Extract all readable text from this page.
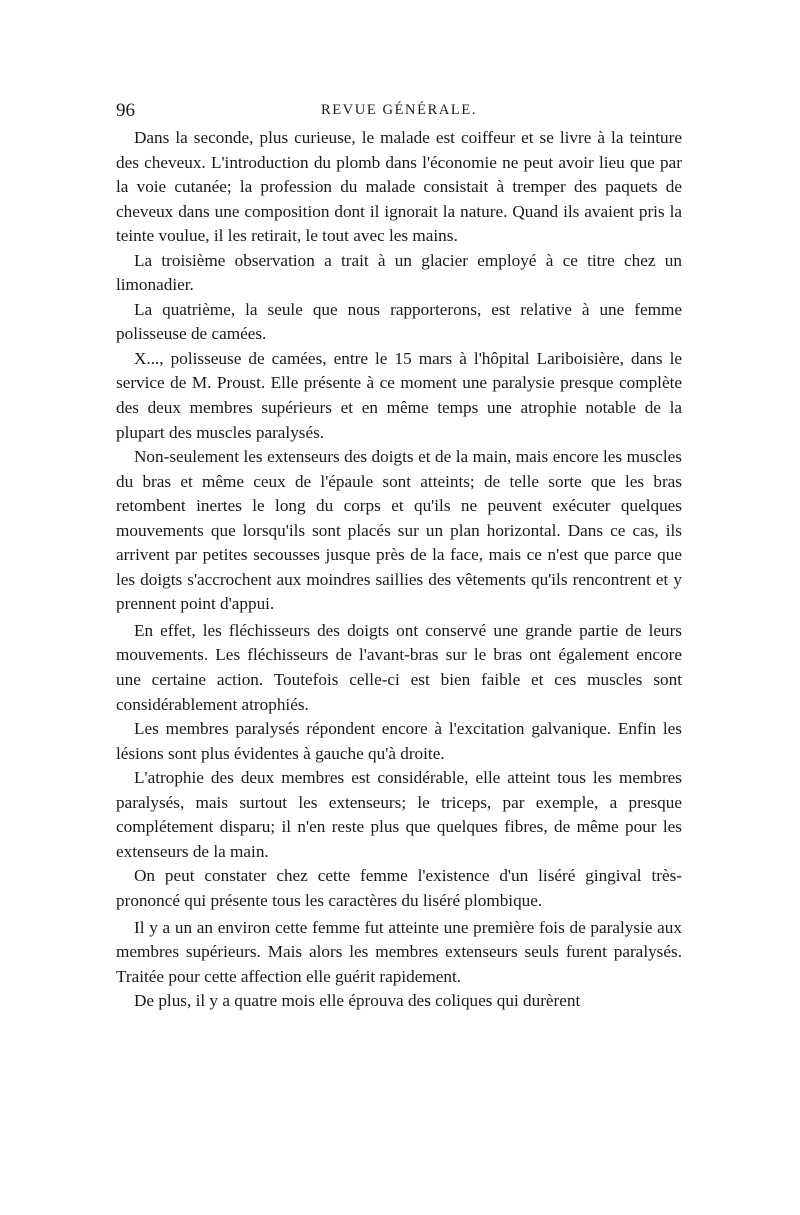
96	REVUE GÉNÉRALE.

Dans la seconde, plus curieuse, le malade est coiffeur et se livre à la teinture des cheveux. L'introduction du plomb dans l'économie ne peut avoir lieu que par la voie cutanée; la profession du malade consistait à tremper des paquets de cheveux dans une composition dont il ignorait la nature. Quand ils avaient pris la teinte voulue, il les retirait, le tout avec les mains.

La troisième observation a trait à un glacier employé à ce titre chez un limonadier.

La quatrième, la seule que nous rapporterons, est relative à une femme polisseuse de camées.

X..., polisseuse de camées, entre le 15 mars à l'hôpital Lariboisière, dans le service de M. Proust. Elle présente à ce moment une paralysie presque complète des deux membres supérieurs et en même temps une atrophie notable de la plupart des muscles paralysés.

Non-seulement les extenseurs des doigts et de la main, mais encore les muscles du bras et même ceux de l'épaule sont atteints; de telle sorte que les bras retombent inertes le long du corps et qu'ils ne peuvent exécuter quelques mouvements que lorsqu'ils sont placés sur un plan horizontal. Dans ce cas, ils arrivent par petites secousses jusque près de la face, mais ce n'est que parce que les doigts s'accrochent aux moindres saillies des vêtements qu'ils rencontrent et y prennent point d'appui.

En effet, les fléchisseurs des doigts ont conservé une grande partie de leurs mouvements. Les fléchisseurs de l'avant-bras sur le bras ont également encore une certaine action. Toutefois celle-ci est bien faible et ces muscles sont considérablement atrophiés.

Les membres paralysés répondent encore à l'excitation galvanique. Enfin les lésions sont plus évidentes à gauche qu'à droite.

L'atrophie des deux membres est considérable, elle atteint tous les membres paralysés, mais surtout les extenseurs; le triceps, par exemple, a presque complétement disparu; il n'en reste plus que quelques fibres, de même pour les extenseurs de la main.

On peut constater chez cette femme l'existence d'un liséré gingival très-prononcé qui présente tous les caractères du liséré plombique.

Il y a un an environ cette femme fut atteinte une première fois de paralysie aux membres supérieurs. Mais alors les membres extenseurs seuls furent paralysés. Traitée pour cette affection elle guérit rapidement.

De plus, il y a quatre mois elle éprouva des coliques qui durèrent
